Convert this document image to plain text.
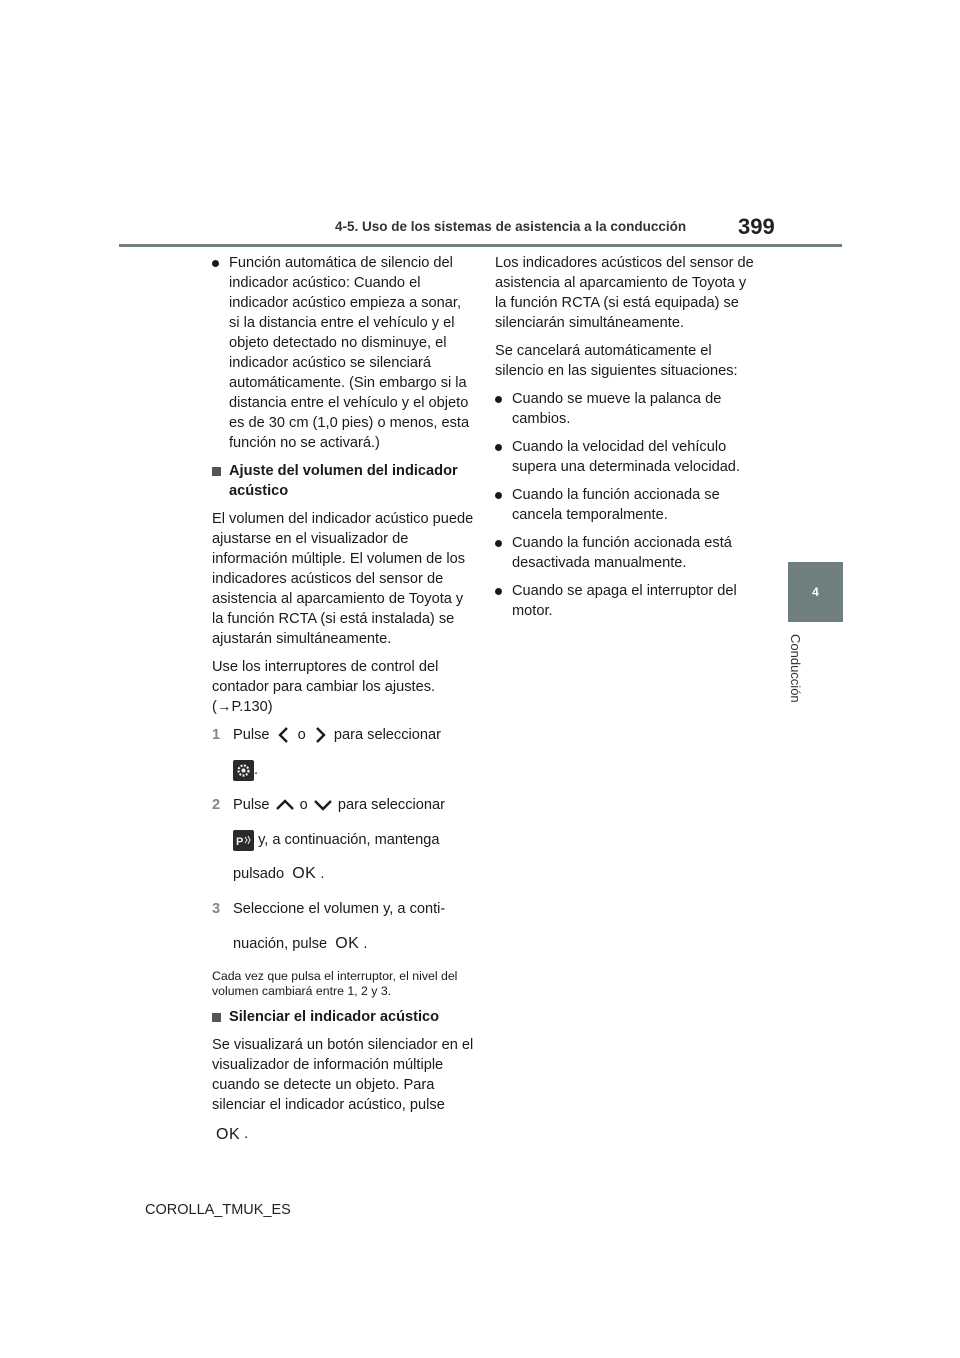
4-5. Uso de los sistemas de asistencia a la conducción 399
4
Conducción
Función automática de silencio del indicador acústico: Cuando el indicador acústico empieza a sonar, si la distancia entre el vehículo y el objeto detectado no disminuye, el indicador acústico se silenciará automáticamente. (Sin embargo si la distancia entre el vehículo y el objeto es de 30 cm (1,0 pies) o menos, esta función no se activará.)
Ajuste del volumen del indicador acústico

El volumen del indicador acústico puede ajustarse en el visualizador de información múltiple. El volumen de los indicadores acústicos del sensor de asistencia al aparcamiento de Toyota y la función RCTA (si está instalada) se ajustarán simultáneamente.

Use los interruptores de control del contador para cambiar los ajustes. (→P.130)

1 Pulse o para seleccionar
.
2 Pulse o para seleccionar
P y, a continuación, mantenga
pulsado OK .
3 Seleccione el volumen y, a conti-
nuación, pulse OK .

Cada vez que pulsa el interruptor, el nivel del volumen cambiará entre 1, 2 y 3.

Silenciar el indicador acústico

Se visualizará un botón silenciador en el visualizador de información múltiple cuando se detecte un objeto. Para silenciar el indicador acústico, pulse

OK .

Los indicadores acústicos del sensor de asistencia al aparcamiento de Toyota y la función RCTA (si está equipada) se silenciarán simultáneamente.

Se cancelará automáticamente el silencio en las siguientes situaciones:

Cuando se mueve la palanca de cambios.
Cuando la velocidad del vehículo supera una determinada velocidad.
Cuando la función accionada se cancela temporalmente.
Cuando la función accionada está desactivada manualmente.
Cuando se apaga el interruptor del motor.
COROLLA_TMUK_ES
